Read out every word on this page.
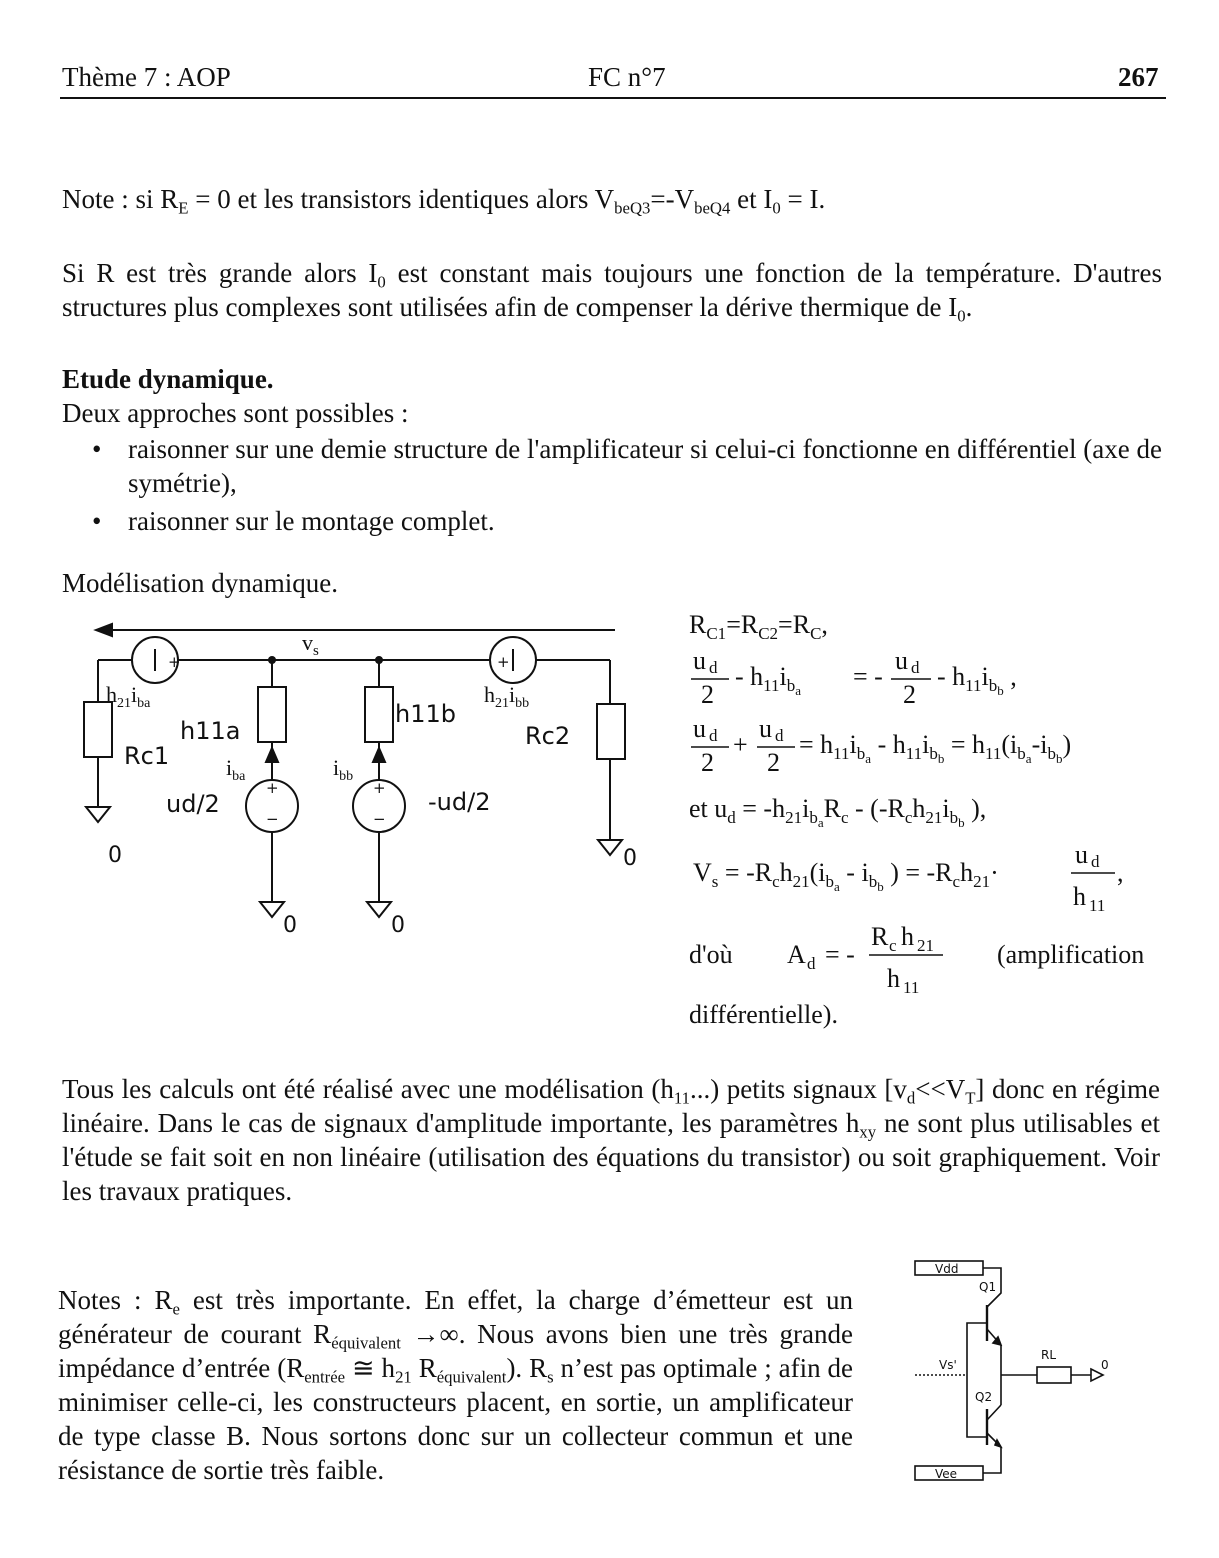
Thème 7 : AOP	FC n°7	267
Note : si $R_E = 0$ et les transistors identiques alors $V_{beQ3}=-V_{beQ4}$ et $I_0 = I$.
Si R est très grande alors $I_0$ est constant mais toujours une fonction de la température. D'autres structures plus complexes sont utilisées afin de compenser la dérive thermique de $I_0$.
Etude dynamique.
Deux approches sont possibles :
• raisonner sur une demie structure de l'amplificateur si celui-ci fonctionne en différentiel (axe de symétrie),
• raisonner sur le montage complet.
Modélisation dynamique.
+	+
+
−
+
−
h11a
h11b
Rc1
Rc2
ud/2	-ud/2
0	0
0	0
$v_s$
$h_{21}i_{ba}$	$h_{21}i_{bb}$
$i_{ba}$	$i_{bb}$
$R_{C1}=R_{C2}=R_C$,
u d
2
- $h_{11}i_ba$ = -
u d
2
- $h_{11}i_bb$ ,
u d
2
+
u d
2
= $h_{11}i_ba - h_{11}i_bb = h_{11}(i_ba-i_bb)$
et $u_d = -h_{21}i_baR_c - (-R_ch_{21}i_bb$ ),
$V_s = -R_ch_{21}(i_ba - i_bb$ ) = $-R_ch_{21}\cdot$
u d
h 11
,
d'où A d = -
R c h 21
h 11
(amplification
différentielle).
Tous les calculs ont été réalisé avec une modélisation $(h_{11}...)$ petits signaux $[v_d<<V_T]$ donc en régime linéaire. Dans le cas de signaux d'amplitude importante, les paramètres $h_{xy}$ ne sont plus utilisables et l'étude se fait soit en non linéaire (utilisation des équations du transistor) ou soit graphiquement. Voir les travaux pratiques.
Notes : $R_e$ est très importante. En effet, la charge d’émetteur est un générateur de courant $R_{équivalent}$ →∞. Nous avons bien une très grande impédance d’entrée ($R_{entrée}$ ≅ $h_{21}$ $R_{équivalent}$). $R_s$ n’est pas optimale ; afin de minimiser celle-ci, les constructeurs placent, en sortie, un amplificateur de type classe B. Nous sortons donc sur un collecteur commun et une résistance de sortie très faible.
Vdd
Vee
Q1
Q2
RL
Vs'	0
